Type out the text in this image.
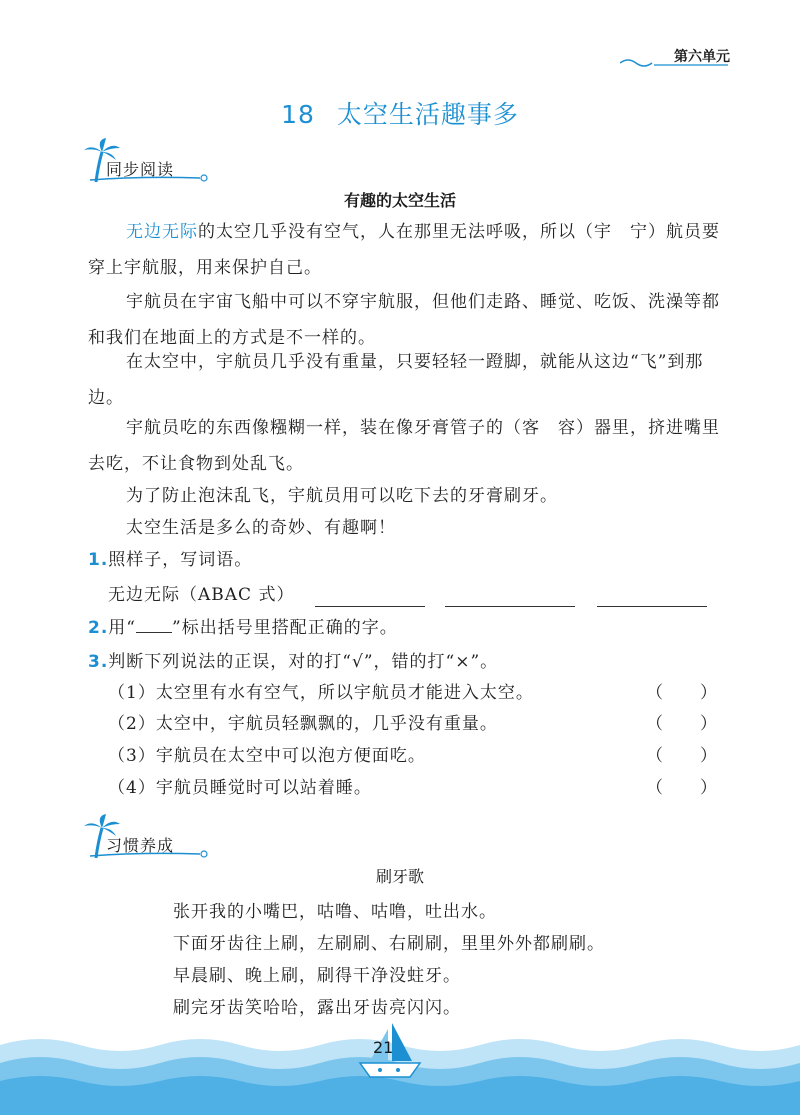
第六单元
18 太空生活趣事多
同步阅读
有趣的太空生活
无边无际的太空几乎没有空气，人在那里无法呼吸，所以（宇　宁）航员要穿上宇航服，用来保护自己。
宇航员在宇宙飞船中可以不穿宇航服，但他们走路、睡觉、吃饭、洗澡等都和我们在地面上的方式是不一样的。
在太空中，宇航员几乎没有重量，只要轻轻一蹬脚，就能从这边“飞”到那边。
宇航员吃的东西像糨糊一样，装在像牙膏管子的（客　容）器里，挤进嘴里去吃，不让食物到处乱飞。
为了防止泡沫乱飞，宇航员用可以吃下去的牙膏刷牙。
太空生活是多么的奇妙、有趣啊！
1.照样子，写词语。
无边无际（ABAC 式）
2.用“ ”标出括号里搭配正确的字。
3.判断下列说法的正误，对的打“√”，错的打“×”。
（1）太空里有水有空气，所以宇航员才能进入太空。	（　　）
（2）太空中，宇航员轻飘飘的，几乎没有重量。	（　　）
（3）宇航员在太空中可以泡方便面吃。	（　　）
（4）宇航员睡觉时可以站着睡。	（　　）
习惯养成
刷牙歌
张开我的小嘴巴，咕噜、咕噜，吐出水。
下面牙齿往上刷，左刷刷、右刷刷，里里外外都刷刷。
早晨刷、晚上刷，刷得干净没蛀牙。
刷完牙齿笑哈哈，露出牙齿亮闪闪。
21
